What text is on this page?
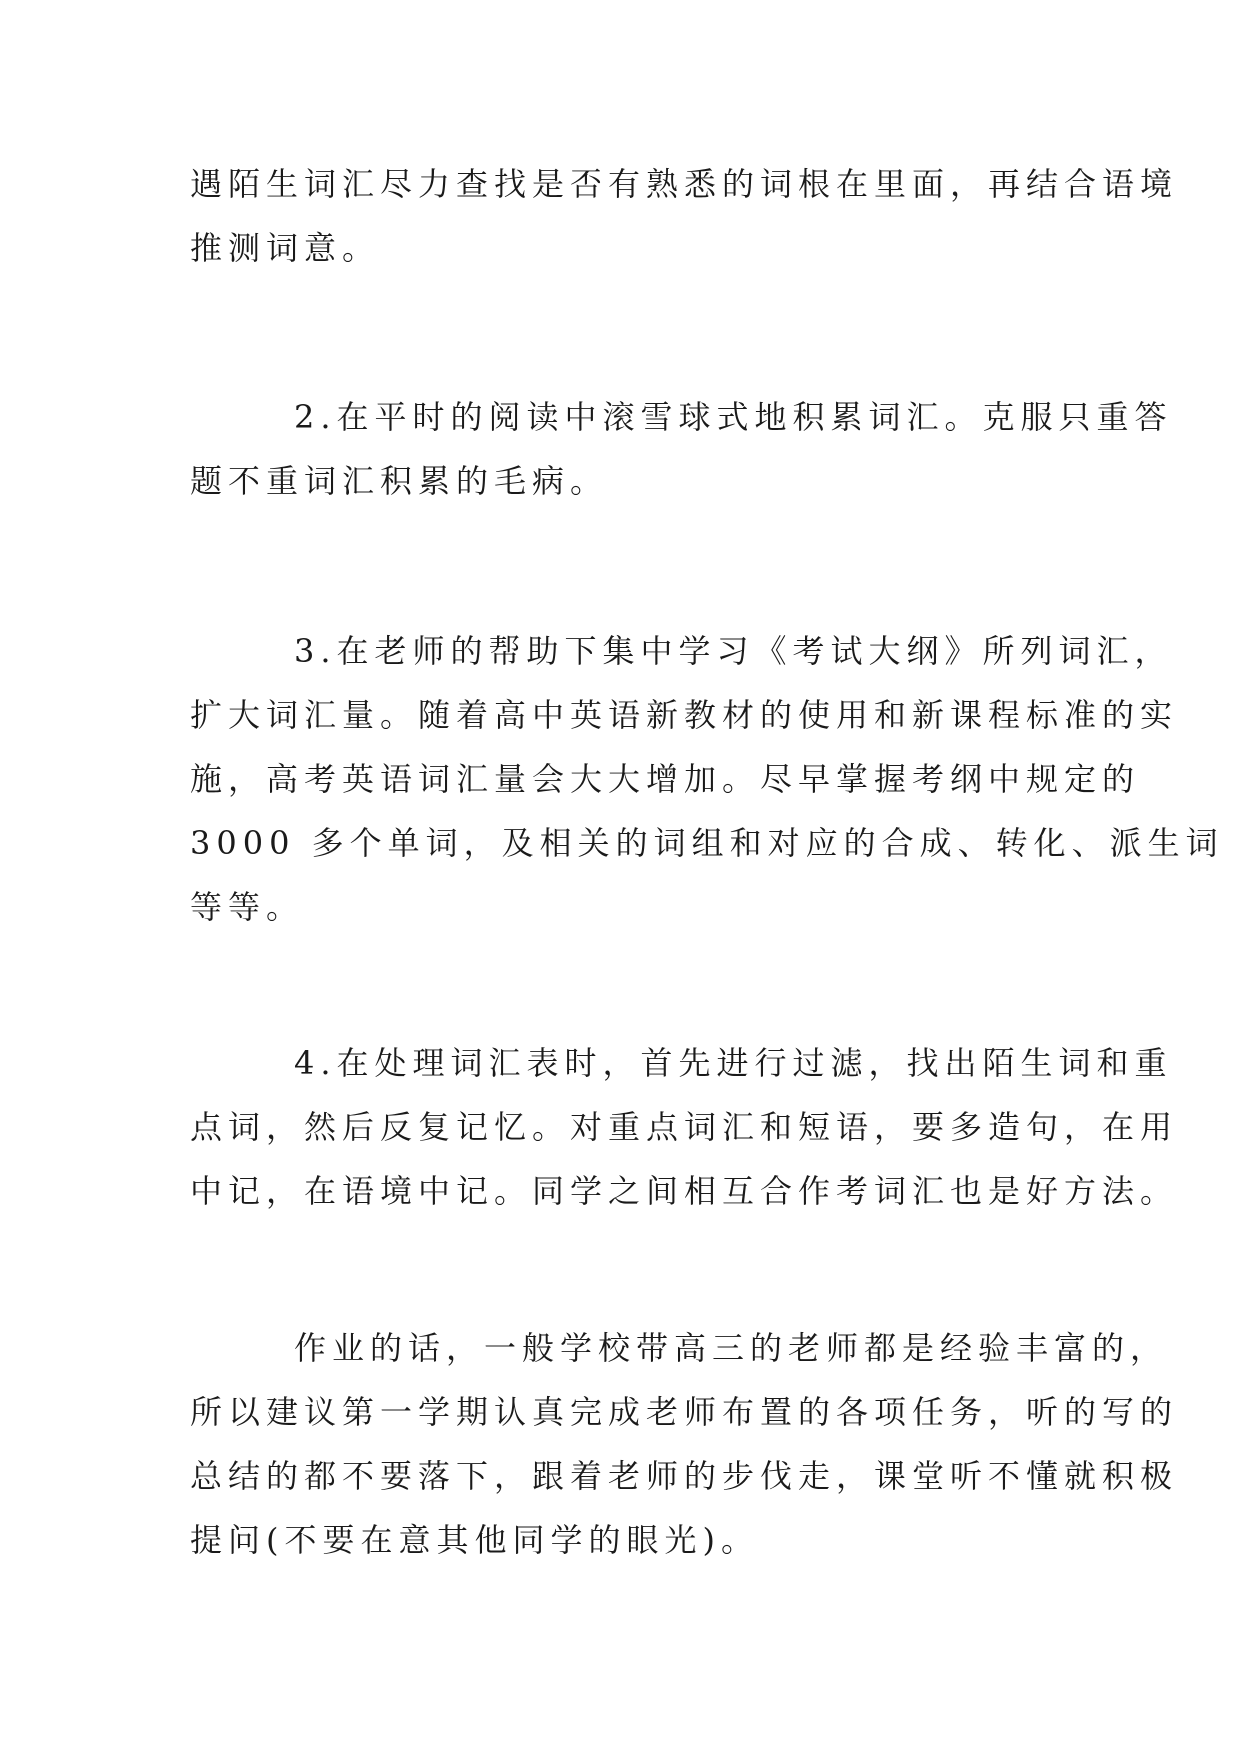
遇陌生词汇尽力查找是否有熟悉的词根在里面，再结合语境
推测词意。

2.在平时的阅读中滚雪球式地积累词汇。克服只重答
题不重词汇积累的毛病。

3.在老师的帮助下集中学习《考试大纲》所列词汇，
扩大词汇量。随着高中英语新教材的使用和新课程标准的实
施，高考英语词汇量会大大增加。尽早掌握考纲中规定的
3000 多个单词，及相关的词组和对应的合成、转化、派生词
等等。

4.在处理词汇表时，首先进行过滤，找出陌生词和重
点词，然后反复记忆。对重点词汇和短语，要多造句，在用
中记，在语境中记。同学之间相互合作考词汇也是好方法。

作业的话，一般学校带高三的老师都是经验丰富的，
所以建议第一学期认真完成老师布置的各项任务，听的写的
总结的都不要落下，跟着老师的步伐走，课堂听不懂就积极
提问(不要在意其他同学的眼光)。
